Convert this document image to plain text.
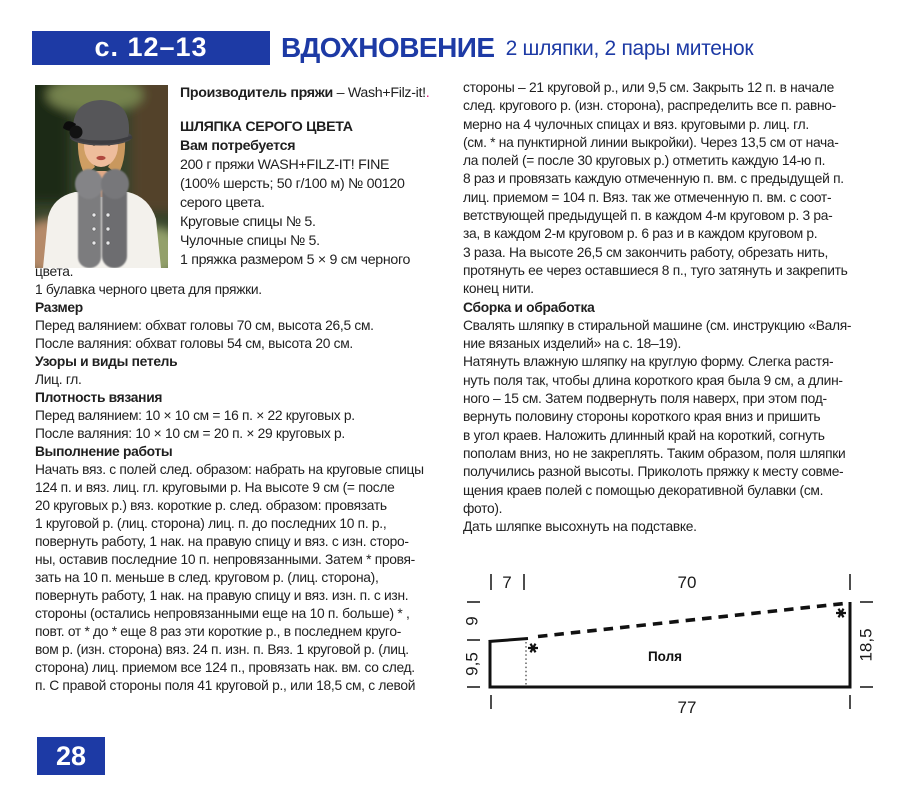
с. 12–13	ВДОХНОВЕНИЕ 2 шляпки, 2 пары митенок
Производитель пряжи – Wash+Filz-it!.
ШЛЯПКА СЕРОГО ЦВЕТА
Вам потребуется
200 г пряжи WASH+FILZ-IT! FINE
(100% шерсть; 50 г/100 м) № 00120
серого цвета.
Круговые спицы № 5.
Чулочные спицы № 5.
1 пряжка размером 5 × 9 см черного
цвета.
1 булавка черного цвета для пряжки.
Размер
Перед валянием: обхват головы 70 см, высота 26,5 см.
После валяния: обхват головы 54 см, высота 20 см.
Узоры и виды петель
Лиц. гл.
Плотность вязания
Перед валянием: 10 × 10 см = 16 п. × 22 круговых р.
После валяния: 10 × 10 см = 20 п. × 29 круговых р.
Выполнение работы
Начать вяз. с полей след. образом: набрать на круговые спицы
124 п. и вяз. лиц. гл. круговыми р. На высоте 9 см (= после
20 круговых р.) вяз. короткие р. след. образом: провязать
1 круговой р. (лиц. сторона) лиц. п. до последних 10 п. р.,
повернуть работу, 1 нак. на правую спицу и вяз. с изн. сторо-
ны, оставив последние 10 п. непровязанными. Затем * провя-
зать на 10 п. меньше в след. круговом р. (лиц. сторона),
повернуть работу, 1 нак. на правую спицу и вяз. изн. п. с изн.
стороны (остались непровязанными еще на 10 п. больше) * ,
повт. от * до * еще 8 раз эти короткие р., в последнем круго-
вом р. (изн. сторона) вяз. 24 п. изн. п. Вяз. 1 круговой р. (лиц.
сторона) лиц. приемом все 124 п., провязать нак. вм. со след.
п. С правой стороны поля 41 круговой р., или 18,5 см, с левой
стороны – 21 круговой р., или 9,5 см. Закрыть 12 п. в начале
след. кругового р. (изн. сторона), распределить все п. равно-
мерно на 4 чулочных спицах и вяз. круговыми р. лиц. гл.
(см. * на пунктирной линии выкройки). Через 13,5 см от нача-
ла полей (= после 30 круговых р.) отметить каждую 14-ю п.
8 раз и провязать каждую отмеченную п. вм. с предыдущей п.
лиц. приемом = 104 п. Вяз. так же отмеченную п. вм. с соот-
ветствующей предыдущей п. в каждом 4-м круговом р. 3 ра-
за, в каждом 2-м круговом р. 6 раз и в каждом круговом р.
3 раза. На высоте 26,5 см закончить работу, обрезать нить,
протянуть ее через оставшиеся 8 п., туго затянуть и закрепить
конец нити.
Сборка и обработка
Свалять шляпку в стиральной машине (см. инструкцию «Валя-
ние вязаных изделий» на с. 18–19).
Натянуть влажную шляпку на круглую форму. Слегка растя-
нуть поля так, чтобы длина короткого края была 9 см, а длин-
ного – 15 см. Затем подвернуть поля наверх, при этом под-
вернуть половину стороны короткого края вниз и пришить
в угол краев. Наложить длинный край на короткий, согнуть
пополам вниз, но не закреплять. Таким образом, поля шляпки
получились разной высоты. Приколоть пряжку к месту совме-
щения краев полей с помощью декоративной булавки (см.
фото).
Дать шляпке высохнуть на подставке.
7	70
9
9,5
18,5
77
Поля
28
